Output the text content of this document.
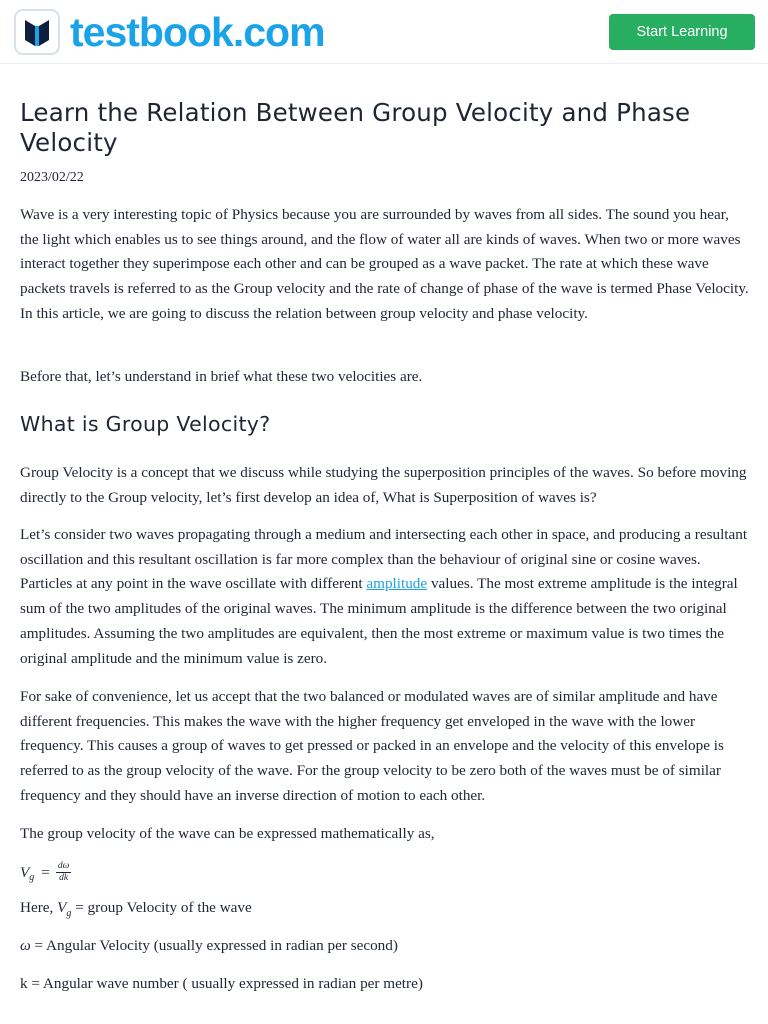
testbook.com	Start Learning
Learn the Relation Between Group Velocity and Phase Velocity
2023/02/22

Wave is a very interesting topic of Physics because you are surrounded by waves from all sides. The sound you hear, the light which enables us to see things around, and the flow of water all are kinds of waves. When two or more waves interact together they superimpose each other and can be grouped as a wave packet. The rate at which these wave packets travels is referred to as the Group velocity and the rate of change of phase of the wave is termed Phase Velocity. In this article, we are going to discuss the relation between group velocity and phase velocity.

Before that, let’s understand in brief what these two velocities are.

What is Group Velocity?

Group Velocity is a concept that we discuss while studying the superposition principles of the waves. So before moving directly to the Group velocity, let’s first develop an idea of, What is Superposition of waves is?

Let’s consider two waves propagating through a medium and intersecting each other in space, and producing a resultant oscillation and this resultant oscillation is far more complex than the behaviour of original sine or cosine waves. Particles at any point in the wave oscillate with different amplitude values. The most extreme amplitude is the integral sum of the two amplitudes of the original waves. The minimum amplitude is the difference between the two original amplitudes. Assuming the two amplitudes are equivalent, then the most extreme or maximum value is two times the original amplitude and the minimum value is zero.

For sake of convenience, let us accept that the two balanced or modulated waves are of similar amplitude and have different frequencies. This makes the wave with the higher frequency get enveloped in the wave with the lower frequency. This causes a group of waves to get pressed or packed in an envelope and the velocity of this envelope is referred to as the group velocity of the wave. For the group velocity to be zero both of the waves must be of similar frequency and they should have an inverse direction of motion to each other.

The group velocity of the wave can be expressed mathematically as,

V $g = \frac{d\omega}{dk}$
Here, V g = group Velocity of the wave
ω = Angular Velocity (usually expressed in radian per second)
k = Angular wave number ( usually expressed in radian per metre)
